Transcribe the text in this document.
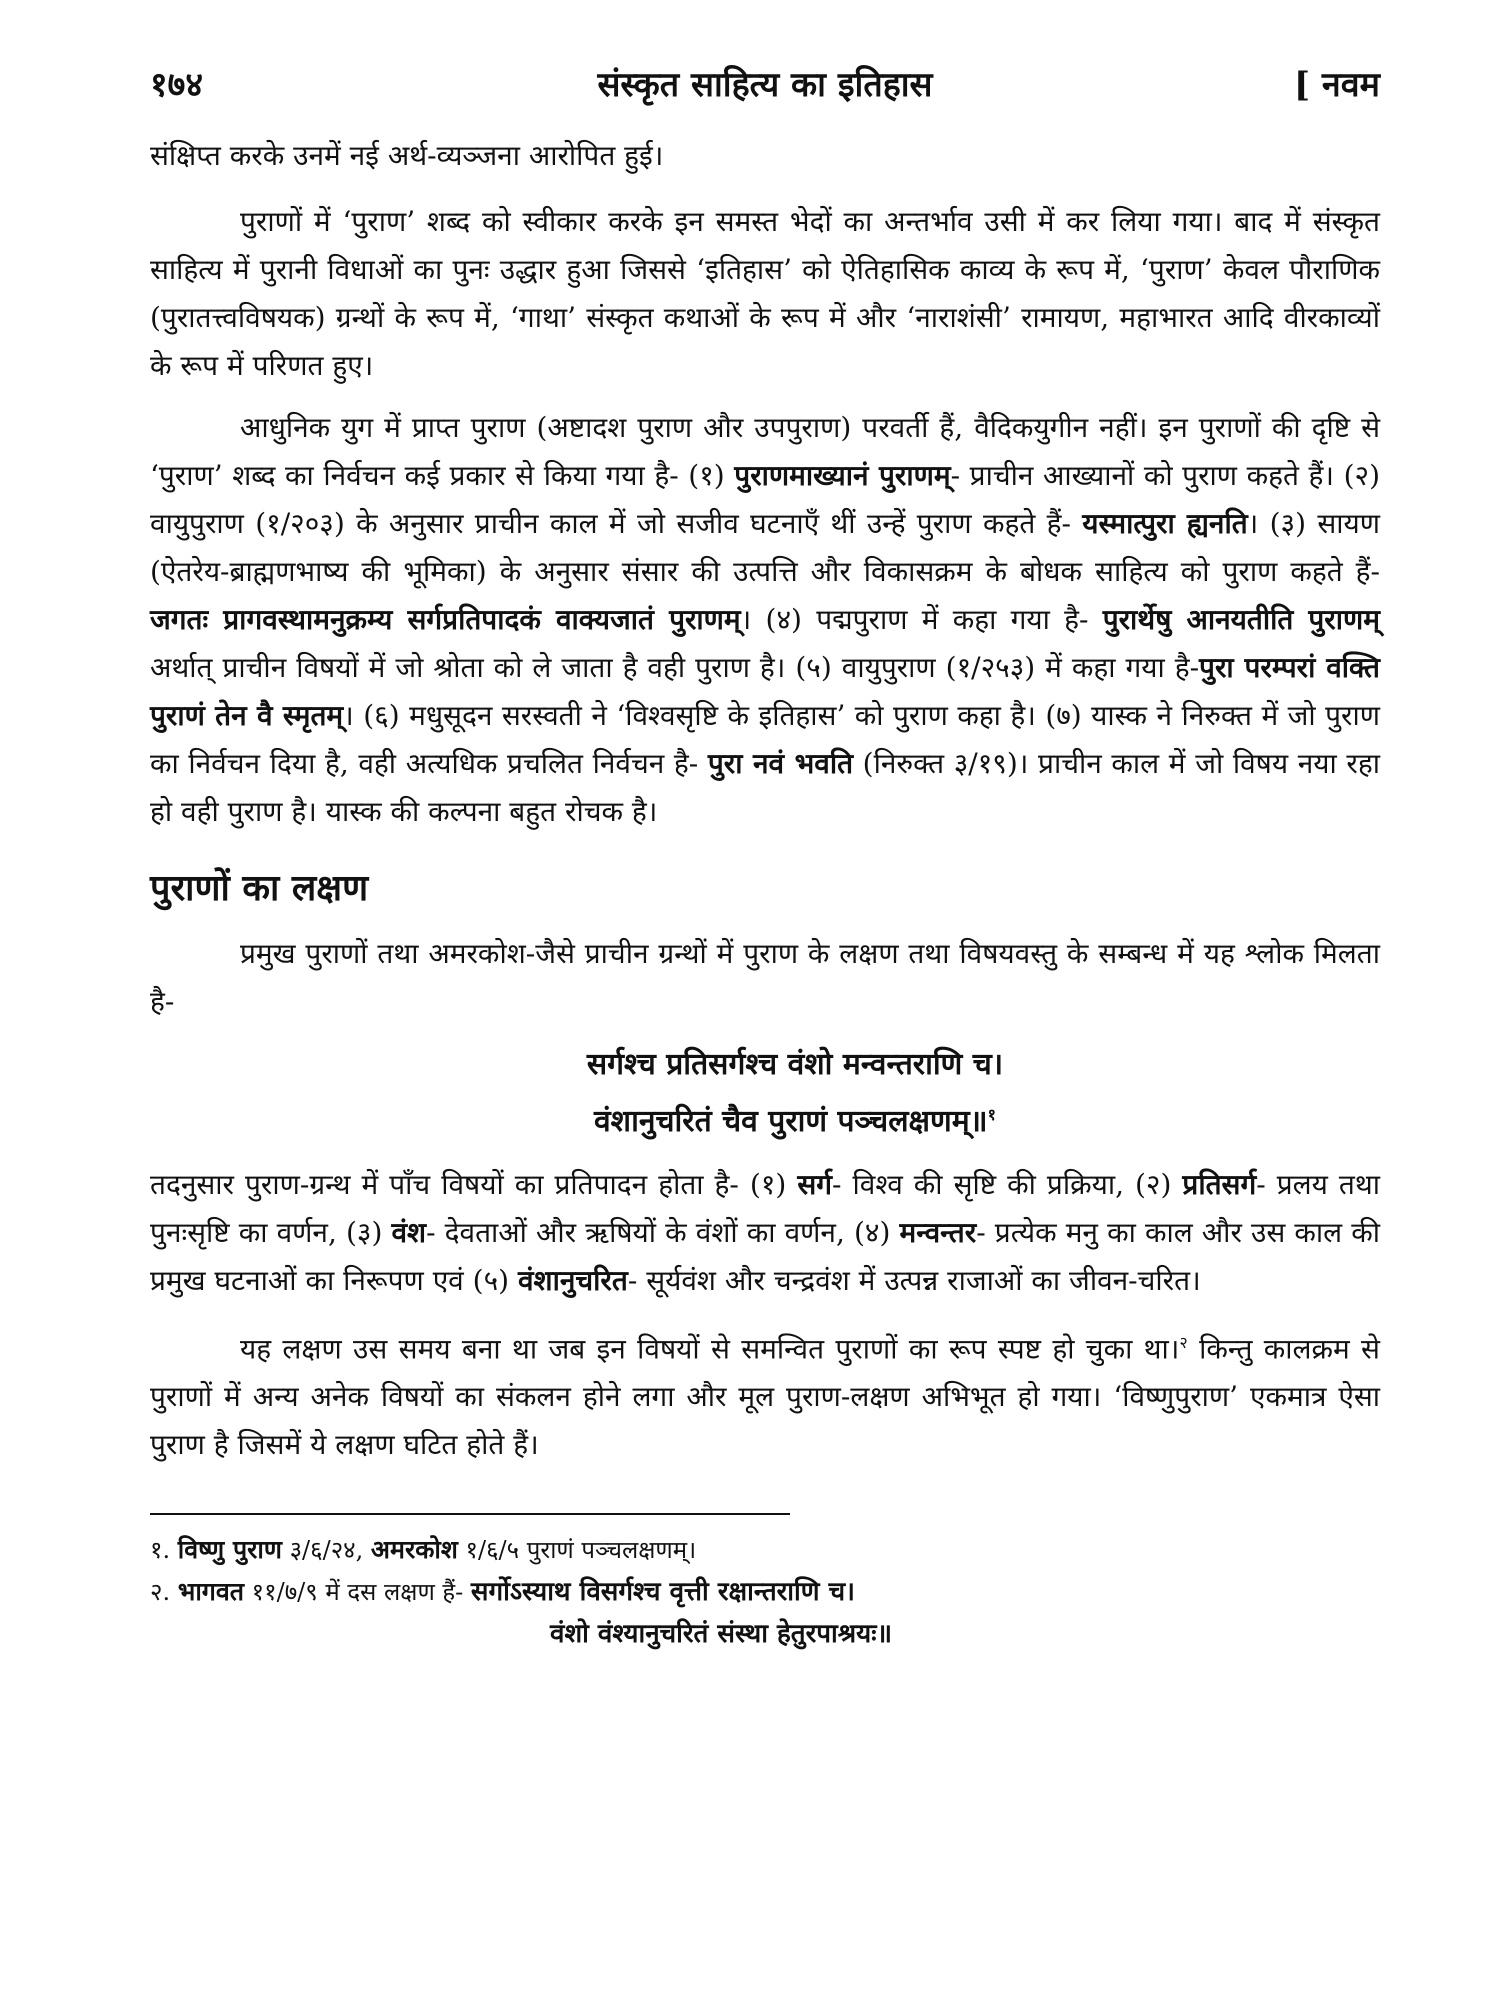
१७४	संस्कृत साहित्य का इतिहास	[ नवम

संक्षिप्त करके उनमें नई अर्थ-व्यञ्जना आरोपित हुई।

पुराणों में ‘पुराण’ शब्द को स्वीकार करके इन समस्त भेदों का अन्तर्भाव उसी में कर लिया गया। बाद में संस्कृत साहित्य में पुरानी विधाओं का पुनः उद्धार हुआ जिससे ‘इतिहास’ को ऐतिहासिक काव्य के रूप में, ‘पुराण’ केवल पौराणिक (पुरातत्त्वविषयक) ग्रन्थों के रूप में, ‘गाथा’ संस्कृत कथाओं के रूप में और ‘नाराशंसी’ रामायण, महाभारत आदि वीरकाव्यों के रूप में परिणत हुए।

आधुनिक युग में प्राप्त पुराण (अष्टादश पुराण और उपपुराण) परवर्ती हैं, वैदिकयुगीन नहीं। इन पुराणों की दृष्टि से ‘पुराण’ शब्द का निर्वचन कई प्रकार से किया गया है- (१) पुराणमाख्यानं पुराणम्- प्राचीन आख्यानों को पुराण कहते हैं। (२) वायुपुराण (१/२०३) के अनुसार प्राचीन काल में जो सजीव घटनाएँ थीं उन्हें पुराण कहते हैं- यस्मात्पुरा ह्यनति। (३) सायण (ऐतरेय-ब्राह्मणभाष्य की भूमिका) के अनुसार संसार की उत्पत्ति और विकासक्रम के बोधक साहित्य को पुराण कहते हैं- जगतः प्रागवस्थामनुक्रम्य सर्गप्रतिपादकं वाक्यजातं पुराणम्। (४) पद्मपुराण में कहा गया है- पुरार्थेषु आनयतीति पुराणम् अर्थात् प्राचीन विषयों में जो श्रोता को ले जाता है वही पुराण है। (५) वायुपुराण (१/२५३) में कहा गया है-पुरा परम्परां वक्ति पुराणं तेन वै स्मृतम्। (६) मधुसूदन सरस्वती ने ‘विश्वसृष्टि के इतिहास’ को पुराण कहा है। (७) यास्क ने निरुक्त में जो पुराण का निर्वचन दिया है, वही अत्यधिक प्रचलित निर्वचन है- पुरा नवं भवति (निरुक्त ३/१९)। प्राचीन काल में जो विषय नया रहा हो वही पुराण है। यास्क की कल्पना बहुत रोचक है।

पुराणों का लक्षण

प्रमुख पुराणों तथा अमरकोश-जैसे प्राचीन ग्रन्थों में पुराण के लक्षण तथा विषयवस्तु के सम्बन्ध में यह श्लोक मिलता है-

सर्गश्च प्रतिसर्गश्च वंशो मन्वन्तराणि च।
वंशानुचरितं चैव पुराणं पञ्चलक्षणम्॥$^१$

तदनुसार पुराण-ग्रन्थ में पाँच विषयों का प्रतिपादन होता है- (१) सर्ग- विश्व की सृष्टि की प्रक्रिया, (२) प्रतिसर्ग- प्रलय तथा पुनःसृष्टि का वर्णन, (३) वंश- देवताओं और ऋषियों के वंशों का वर्णन, (४) मन्वन्तर- प्रत्येक मनु का काल और उस काल की प्रमुख घटनाओं का निरूपण एवं (५) वंशानुचरित- सूर्यवंश और चन्द्रवंश में उत्पन्न राजाओं का जीवन-चरित।

यह लक्षण उस समय बना था जब इन विषयों से समन्वित पुराणों का रूप स्पष्ट हो चुका था।$^२$ किन्तु कालक्रम से पुराणों में अन्य अनेक विषयों का संकलन होने लगा और मूल पुराण-लक्षण अभिभूत हो गया। ‘विष्णुपुराण’ एकमात्र ऐसा पुराण है जिसमें ये लक्षण घटित होते हैं।

१. विष्णु पुराण ३/६/२४, अमरकोश १/६/५ पुराणं पञ्चलक्षणम्।
२. भागवत ११/७/९ में दस लक्षण हैं- सर्गोऽस्याथ विसर्गश्च वृत्ती रक्षान्तराणि च।
वंशो वंश्यानुचरितं संस्था हेतुरपाश्रयः॥
